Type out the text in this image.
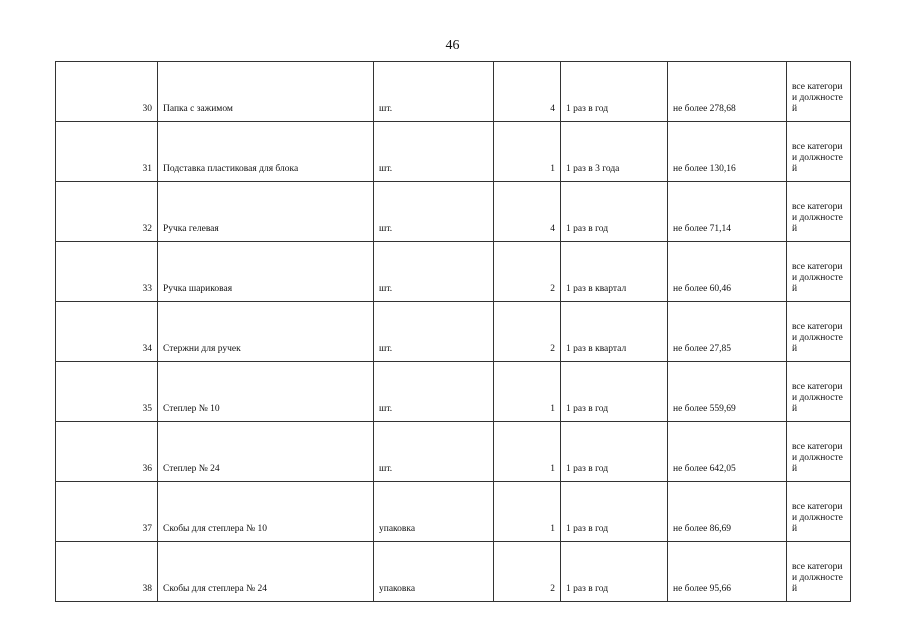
46
30	Папка с зажимом	шт.	4	1 раз в год	не более 278,68	все категории должностей
31	Подставка пластиковая для блока	шт.	1	1 раз в 3 года	не более 130,16	все категории должностей
32	Ручка гелевая	шт.	4	1 раз в год	не более 71,14	все категории должностей
33	Ручка шариковая	шт.	2	1 раз в квартал	не более 60,46	все категории должностей
34	Стержни для ручек	шт.	2	1 раз в квартал	не более 27,85	все категории должностей
35	Степлер № 10	шт.	1	1 раз в год	не более 559,69	все категории должностей
36	Степлер № 24	шт.	1	1 раз в год	не более 642,05	все категории должностей
37	Скобы для степлера № 10	упаковка	1	1 раз в год	не более 86,69	все категории должностей
38	Скобы для степлера № 24	упаковка	2	1 раз в год	не более 95,66	все категории должностей
